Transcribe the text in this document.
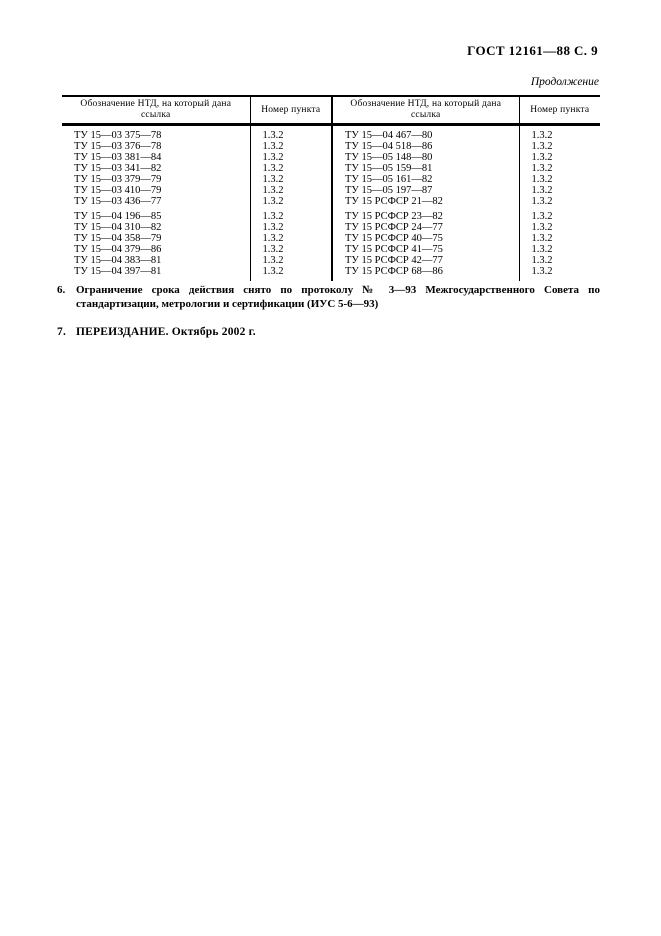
ГОСТ 12161—88 С. 9
Продолжение
Обозначение НТД, на который дана ссылка	Номер пункта	Обозначение НТД, на который дана ссылка	Номер пункта
ТУ 15—03 375—78	1.3.2	ТУ 15—04 467—80	1.3.2
ТУ 15—03 376—78	1.3.2	ТУ 15—04 518—86	1.3.2
ТУ 15—03 381—84	1.3.2	ТУ 15—05 148—80	1.3.2
ТУ 15—03 341—82	1.3.2	ТУ 15—05 159—81	1.3.2
ТУ 15—03 379—79	1.3.2	ТУ 15—05 161—82	1.3.2
ТУ 15—03 410—79	1.3.2	ТУ 15—05 197—87	1.3.2
ТУ 15—03 436—77	1.3.2	ТУ 15 РСФСР 21—82	1.3.2
ТУ 15—04 196—85	1.3.2	ТУ 15 РСФСР 23—82	1.3.2
ТУ 15—04 310—82	1.3.2	ТУ 15 РСФСР 24—77	1.3.2
ТУ 15—04 358—79	1.3.2	ТУ 15 РСФСР 40—75	1.3.2
ТУ 15—04 379—86	1.3.2	ТУ 15 РСФСР 41—75	1.3.2
ТУ 15—04 383—81	1.3.2	ТУ 15 РСФСР 42—77	1.3.2
ТУ 15—04 397—81	1.3.2	ТУ 15 РСФСР 68—86	1.3.2
6. Ограничение срока действия снято по протоколу № 3—93 Межгосударственного Совета по
стандартизации, метрологии и сертификации (ИУС 5-6—93)
7. ПЕРЕИЗДАНИЕ. Октябрь 2002 г.
